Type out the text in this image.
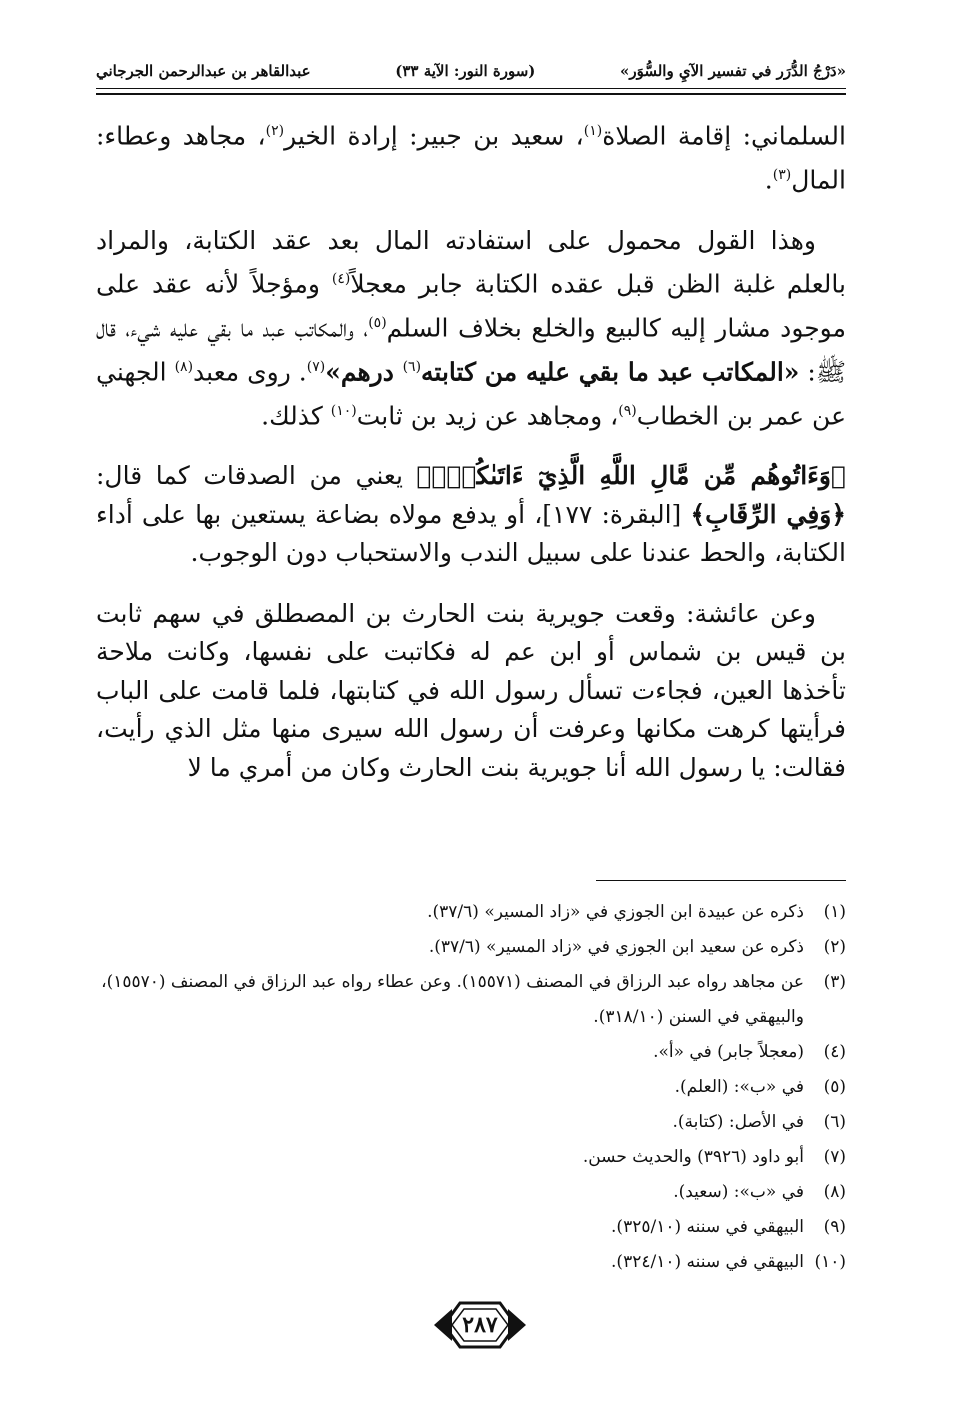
«دَرْجُ الدُّرَر في تفسير الآيِ والسُّوَر»
(سورة النور: الآية ٣٣)
عبدالقاهر بن عبدالرحمن الجرجاني

السلماني: إقامة الصلاة$^{(١)}$، سعيد بن جبير: إرادة الخير$^{(٢)}$، مجاهد وعطاء: المال$^{(٣)}$.

وهذا القول محمول على استفادته المال بعد عقد الكتابة، والمراد بالعلم غلبة الظن قبل عقده الكتابة جابر معجلاً$^{(٤)}$ ومؤجلاً لأنه عقد على موجود مشار إليه كالبيع والخلع بخلاف السلم$^{(٥)}$، والمكاتب عبد ما بقي عليه شيء، قال ﷺ: «المكاتب عبد ما بقي عليه من كتابته$^{(٦)}$ درهم»$^{(٧)}$. روى معبد$^{(٨)}$ الجهني عن عمر بن الخطاب$^{(٩)}$، ومجاهد عن زيد بن ثابت$^{(١٠)}$ كذلك.

﴿وَءَاتُوهُم مِّن مَّالِ اللَّهِ الَّذِيٓ ءَاتَىٰكُمۡۚ﴾ يعني من الصدقات كما قال: ﴿وَفِي الرِّقَابِ﴾ [البقرة: ١٧٧]، أو يدفع مولاه بضاعة يستعين بها على أداء الكتابة، والحط عندنا على سبيل الندب والاستحباب دون الوجوب.

وعن عائشة: وقعت جويرية بنت الحارث بن المصطلق في سهم ثابت بن قيس بن شماس أو ابن عم له فكاتبت على نفسها، وكانت ملاحة تأخذها العين، فجاءت تسأل رسول الله في كتابتها، فلما قامت على الباب فرأيتها كرهت مكانها وعرفت أن رسول الله سيرى منها مثل الذي رأيت، فقالت: يا رسول الله أنا جويرية بنت الحارث وكان من أمري ما لا

(١)
ذكره عن عبيدة ابن الجوزي في «زاد المسير» (٣٧/٦).
(٢)
ذكره عن سعيد ابن الجوزي في «زاد المسير» (٣٧/٦).
(٣)
عن مجاهد رواه عبد الرزاق في المصنف (١٥٥٧١). وعن عطاء رواه عبد الرزاق في المصنف (١٥٥٧٠)، والبيهقي في السنن (٣١٨/١٠).
(٤)
(معجلاً جابر) في «أ».
(٥)
في «ب»: (العلم).
(٦)
في الأصل: (كتابة).
(٧)
أبو داود (٣٩٢٦) والحديث حسن.
(٨)
في «ب»: (سعيد).
(٩)
البيهقي في سننه (٣٢٥/١٠).
(١٠)
البيهقي في سننه (٣٢٤/١٠).
٢٨٧
